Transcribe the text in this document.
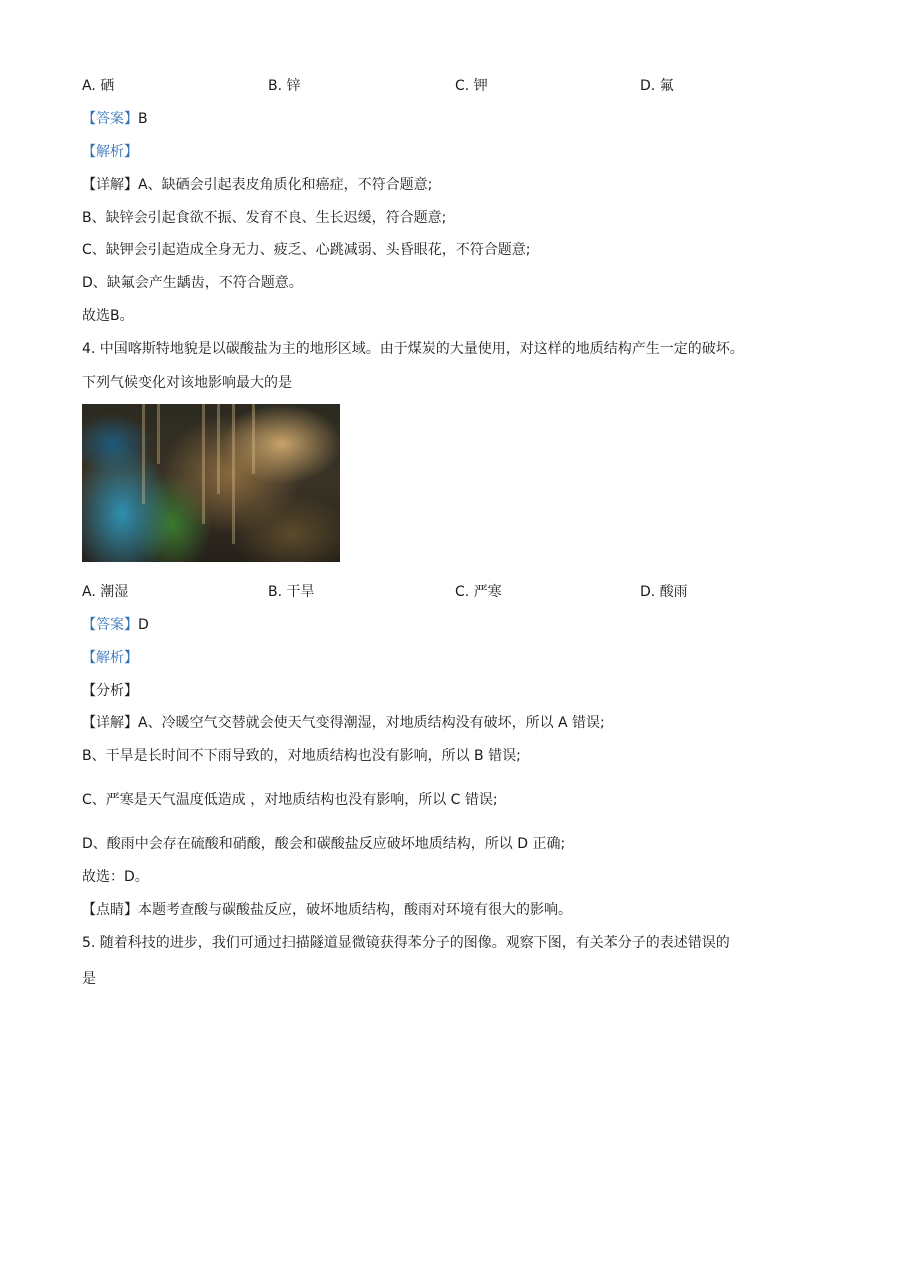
A. 硒	B. 锌	C. 钾	D. 氟
【答案】B
【解析】
【详解】A、缺硒会引起表皮角质化和癌症，不符合题意;
B、缺锌会引起食欲不振、发育不良、生长迟缓，符合题意;
C、缺钾会引起造成全身无力、疲乏、心跳减弱、头昏眼花，不符合题意;
D、缺氟会产生龋齿，不符合题意。
故选B。
4. 中国喀斯特地貌是以碳酸盐为主的地形区域。由于煤炭的大量使用，对这样的地质结构产生一定的破坏。
下列气候变化对该地影响最大的是
A. 潮湿	B. 干旱	C. 严寒	D. 酸雨
【答案】D
【解析】
【分析】
【详解】A、冷暖空气交替就会使天气变得潮湿，对地质结构没有破坏，所以 A 错误;
B、干旱是长时间不下雨导致的，对地质结构也没有影响，所以 B 错误;
C、严寒是天气温度低造成 ，对地质结构也没有影响，所以 C 错误;
D、酸雨中会存在硫酸和硝酸，酸会和碳酸盐反应破坏地质结构，所以 D 正确;
故选：D。
【点睛】本题考查酸与碳酸盐反应，破坏地质结构，酸雨对环境有很大的影响。
5. 随着科技的进步，我们可通过扫描隧道显微镜获得苯分子的图像。观察下图，有关苯分子的表述错误的
是
